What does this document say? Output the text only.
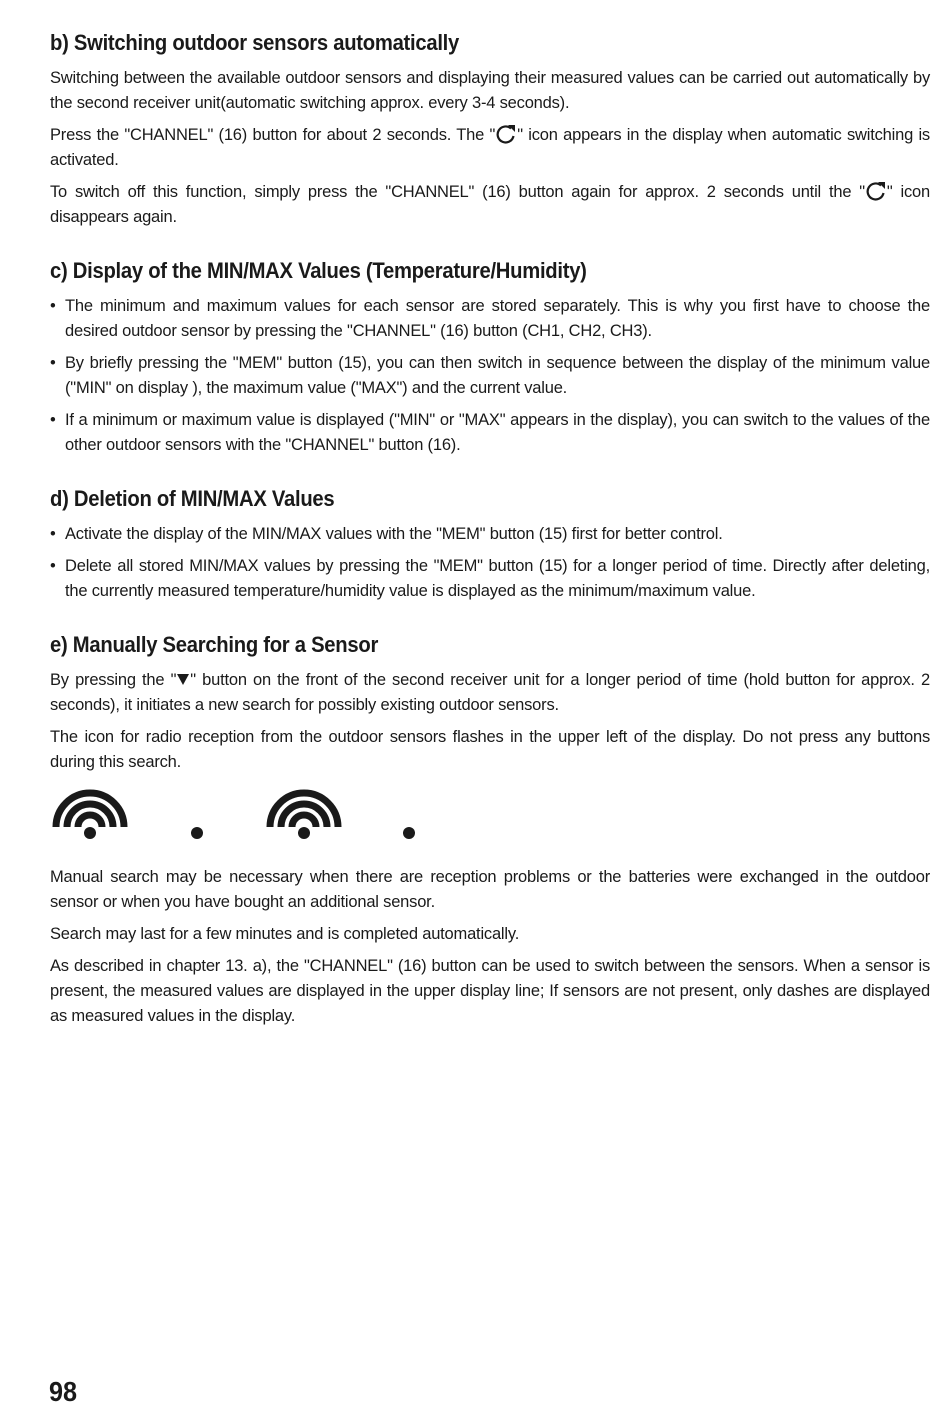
b) Switching outdoor sensors automatically

Switching between the available outdoor sensors and displaying their measured values can be carried out automatically by the second receiver unit(automatic switching approx. every 3-4 seconds).

Press the "CHANNEL" (16) button for about 2 seconds. The " " icon appears in the display when automatic switching is activated.

To switch off this function, simply press the "CHANNEL" (16) button again for approx. 2 seconds until the " " icon disappears again.

c) Display of the MIN/MAX Values (Temperature/Humidity)
• The minimum and maximum values for each sensor are stored separately. This is why you first have to choose the desired outdoor sensor by pressing the "CHANNEL" (16) button (CH1, CH2, CH3).
• By briefly pressing the "MEM" button (15), you can then switch in sequence between the display of the minimum value ("MIN" on display ), the maximum value ("MAX") and the current value.
• If a minimum or maximum value is displayed ("MIN" or "MAX" appears in the display), you can switch to the values of the other outdoor sensors with the "CHANNEL" button (16).
d) Deletion of MIN/MAX Values
• Activate the display of the MIN/MAX values with the "MEM" button (15) first for better control.
• Delete all stored MIN/MAX values by pressing the "MEM" button (15) for a longer period of time. Directly after deleting, the currently measured temperature/humidity value is displayed as the minimum/maximum value.
e) Manually Searching for a Sensor

By pressing the " " button on the front of the second receiver unit for a longer period of time (hold button for approx. 2 seconds), it initiates a new search for possibly existing outdoor sensors.

The icon for radio reception from the outdoor sensors flashes in the upper left of the display. Do not press any buttons during this search.

Manual search may be necessary when there are reception problems or the batteries were exchanged in the outdoor sensor or when you have bought an additional sensor.

Search may last for a few minutes and is completed automatically.

As described in chapter 13. a), the "CHANNEL" (16) button can be used to switch between the sensors. When a sensor is present, the measured values are displayed in the upper display line; If sensors are not present, only dashes are displayed as measured values in the display.

98
